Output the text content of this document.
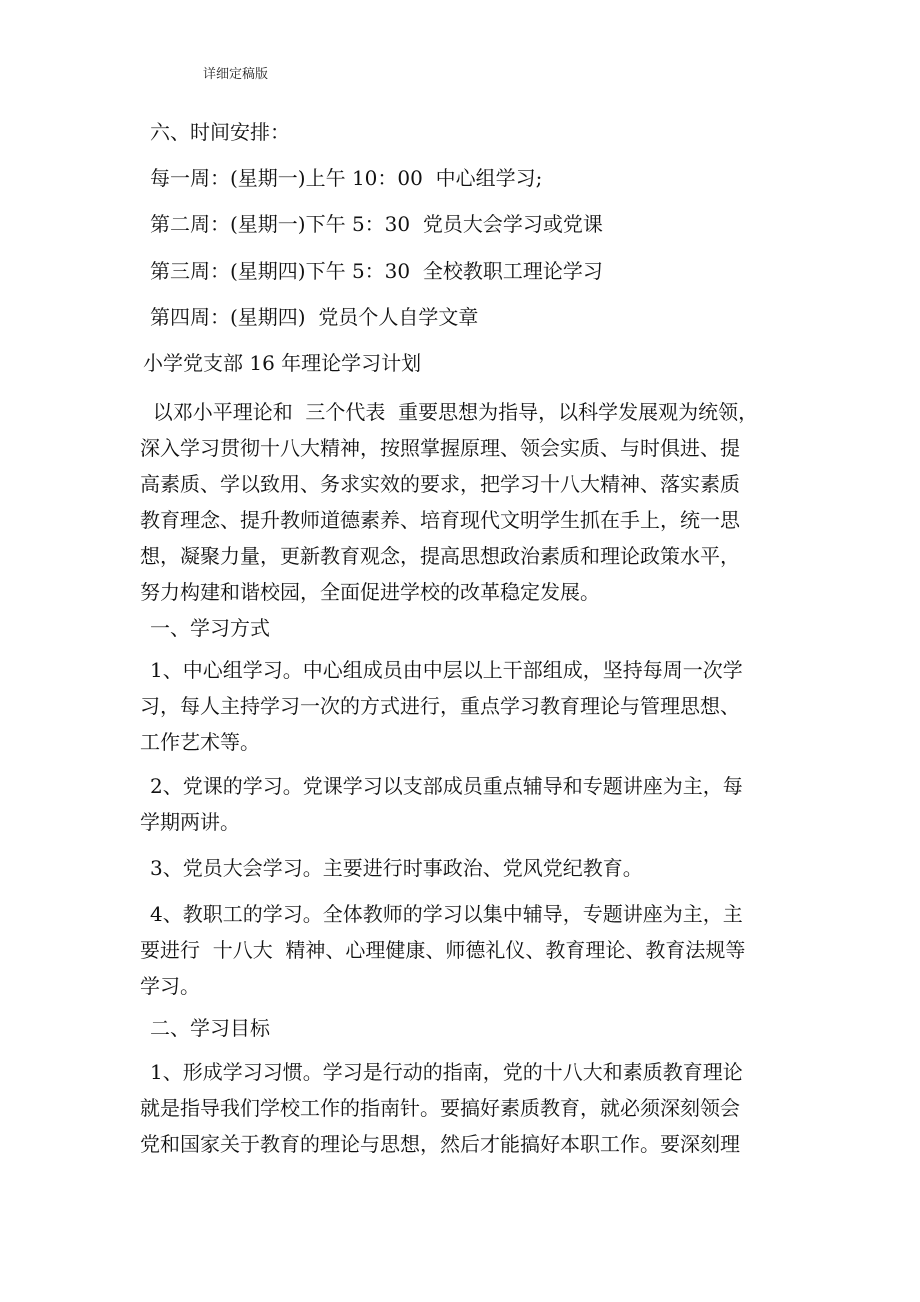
详细定稿版
六、时间安排：
每一周：(星期一)上午 10：00  中心组学习;
第二周：(星期一)下午 5：30  党员大会学习或党课
第三周：(星期四)下午 5：30  全校教职工理论学习
第四周：(星期四)  党员个人自学文章
小学党支部 16 年理论学习计划
以邓小平理论和  三个代表  重要思想为指导，以科学发展观为统领，
深入学习贯彻十八大精神，按照掌握原理、领会实质、与时俱进、提
高素质、学以致用、务求实效的要求，把学习十八大精神、落实素质
教育理念、提升教师道德素养、培育现代文明学生抓在手上，统一思
想，凝聚力量，更新教育观念，提高思想政治素质和理论政策水平，
努力构建和谐校园，全面促进学校的改革稳定发展。
一、学习方式
1、中心组学习。中心组成员由中层以上干部组成，坚持每周一次学
习，每人主持学习一次的方式进行，重点学习教育理论与管理思想、
工作艺术等。
2、党课的学习。党课学习以支部成员重点辅导和专题讲座为主，每
学期两讲。
3、党员大会学习。主要进行时事政治、党风党纪教育。
4、教职工的学习。全体教师的学习以集中辅导，专题讲座为主，主
要进行  十八大  精神、心理健康、师德礼仪、教育理论、教育法规等
学习。
二、学习目标
1、形成学习习惯。学习是行动的指南，党的十八大和素质教育理论
就是指导我们学校工作的指南针。要搞好素质教育，就必须深刻领会
党和国家关于教育的理论与思想，然后才能搞好本职工作。要深刻理
